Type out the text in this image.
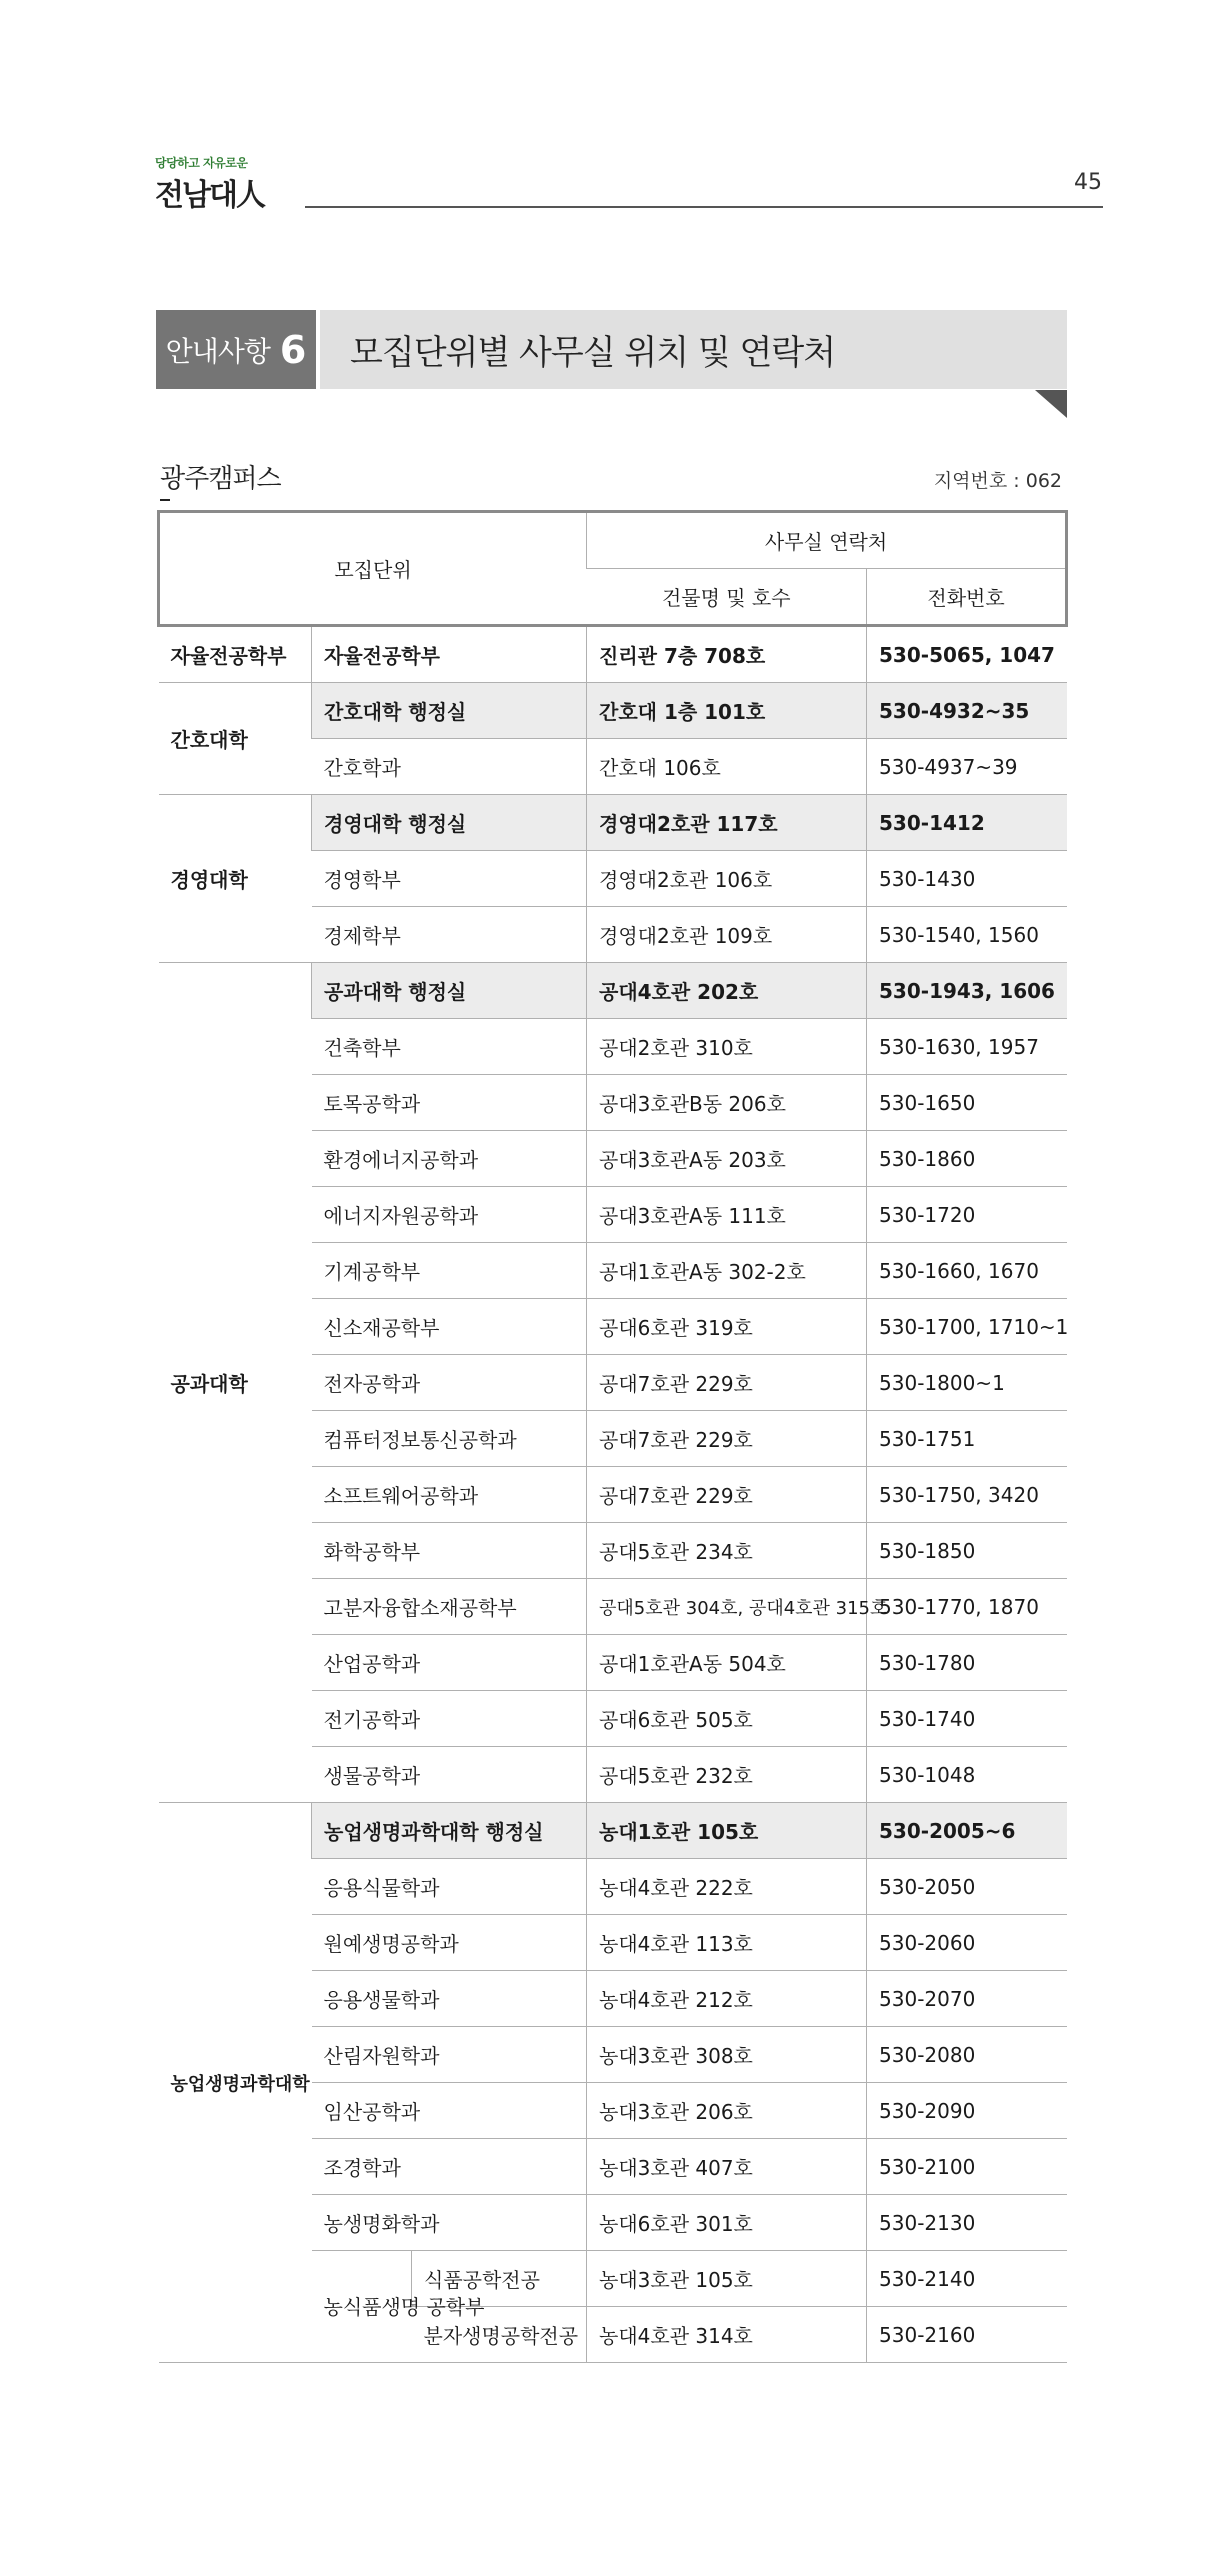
당당하고 자유로운
전남대人	45
안내사항 6 모집단위별 사무실 위치 및 연락처
광주캠퍼스	지역번호 : 062
모집단위			사무실 연락처	
			건물명 및 호수	전화번호
자율전공학부	자율전공학부		진리관 7층 708호	530-5065, 1047
간호대학	간호대학 행정실		간호대 1층 101호	530-4932~35
	간호학과		간호대 106호	530-4937~39
경영대학	경영대학 행정실		경영대2호관 117호	530-1412
	경영학부		경영대2호관 106호	530-1430
	경제학부		경영대2호관 109호	530-1540, 1560
공과대학	공과대학 행정실		공대4호관 202호	530-1943, 1606
	건축학부		공대2호관 310호	530-1630, 1957
	토목공학과		공대3호관B동 206호	530-1650
	환경에너지공학과		공대3호관A동 203호	530-1860
	에너지자원공학과		공대3호관A동 111호	530-1720
	기계공학부		공대1호관A동 302-2호	530-1660, 1670
	신소재공학부		공대6호관 319호	530-1700, 1710~1
	전자공학과		공대7호관 229호	530-1800~1
	컴퓨터정보통신공학과		공대7호관 229호	530-1751
	소프트웨어공학과		공대7호관 229호	530-1750, 3420
	화학공학부		공대5호관 234호	530-1850
	고분자융합소재공학부		공대5호관 304호, 공대4호관 315호	530-1770, 1870
	산업공학과		공대1호관A동 504호	530-1780
	전기공학과		공대6호관 505호	530-1740
	생물공학과		공대5호관 232호	530-1048
농업생명과학대학	농업생명과학대학 행정실		농대1호관 105호	530-2005~6
	응용식물학과		농대4호관 222호	530-2050
	원예생명공학과		농대4호관 113호	530-2060
	응용생물학과		농대4호관 212호	530-2070
	산림자원학과		농대3호관 308호	530-2080
	임산공학과		농대3호관 206호	530-2090
	조경학과		농대3호관 407호	530-2100
	농생명화학과		농대6호관 301호	530-2130
	농식품생명 공학부	식품공학전공	농대3호관 105호	530-2140
		분자생명공학전공	농대4호관 314호	530-2160
